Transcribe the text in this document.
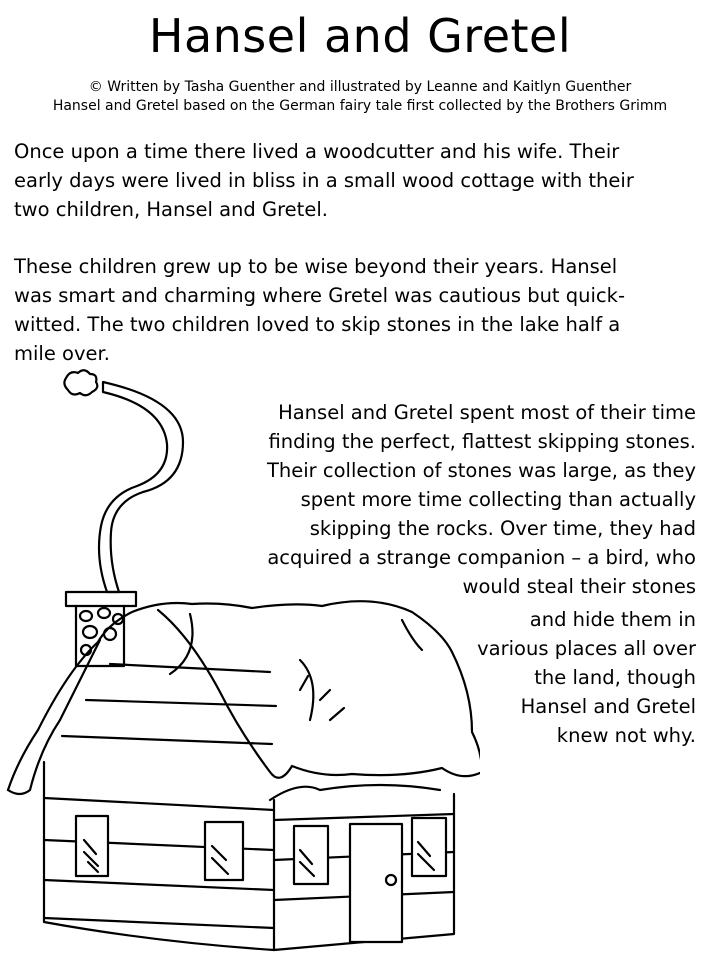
Hansel and Gretel
© Written by Tasha Guenther and illustrated by Leanne and Kaitlyn Guenther
Hansel and Gretel based on the German fairy tale first collected by the Brothers Grimm
Once upon a time there lived a woodcutter and his wife. Their
early days were lived in bliss in a small wood cottage with their
two children, Hansel and Gretel.
These children grew up to be wise beyond their years. Hansel
was smart and charming where Gretel was cautious but quick-
witted. The two children loved to skip stones in the lake half a
mile over.
Hansel and Gretel spent most of their time
finding the perfect, flattest skipping stones.
Their collection of stones was large, as they
spent more time collecting than actually
skipping the rocks. Over time, they had
acquired a strange companion – a bird, who
would steal their stones
and hide them in
various places all over
the land, though
Hansel and Gretel
knew not why.
